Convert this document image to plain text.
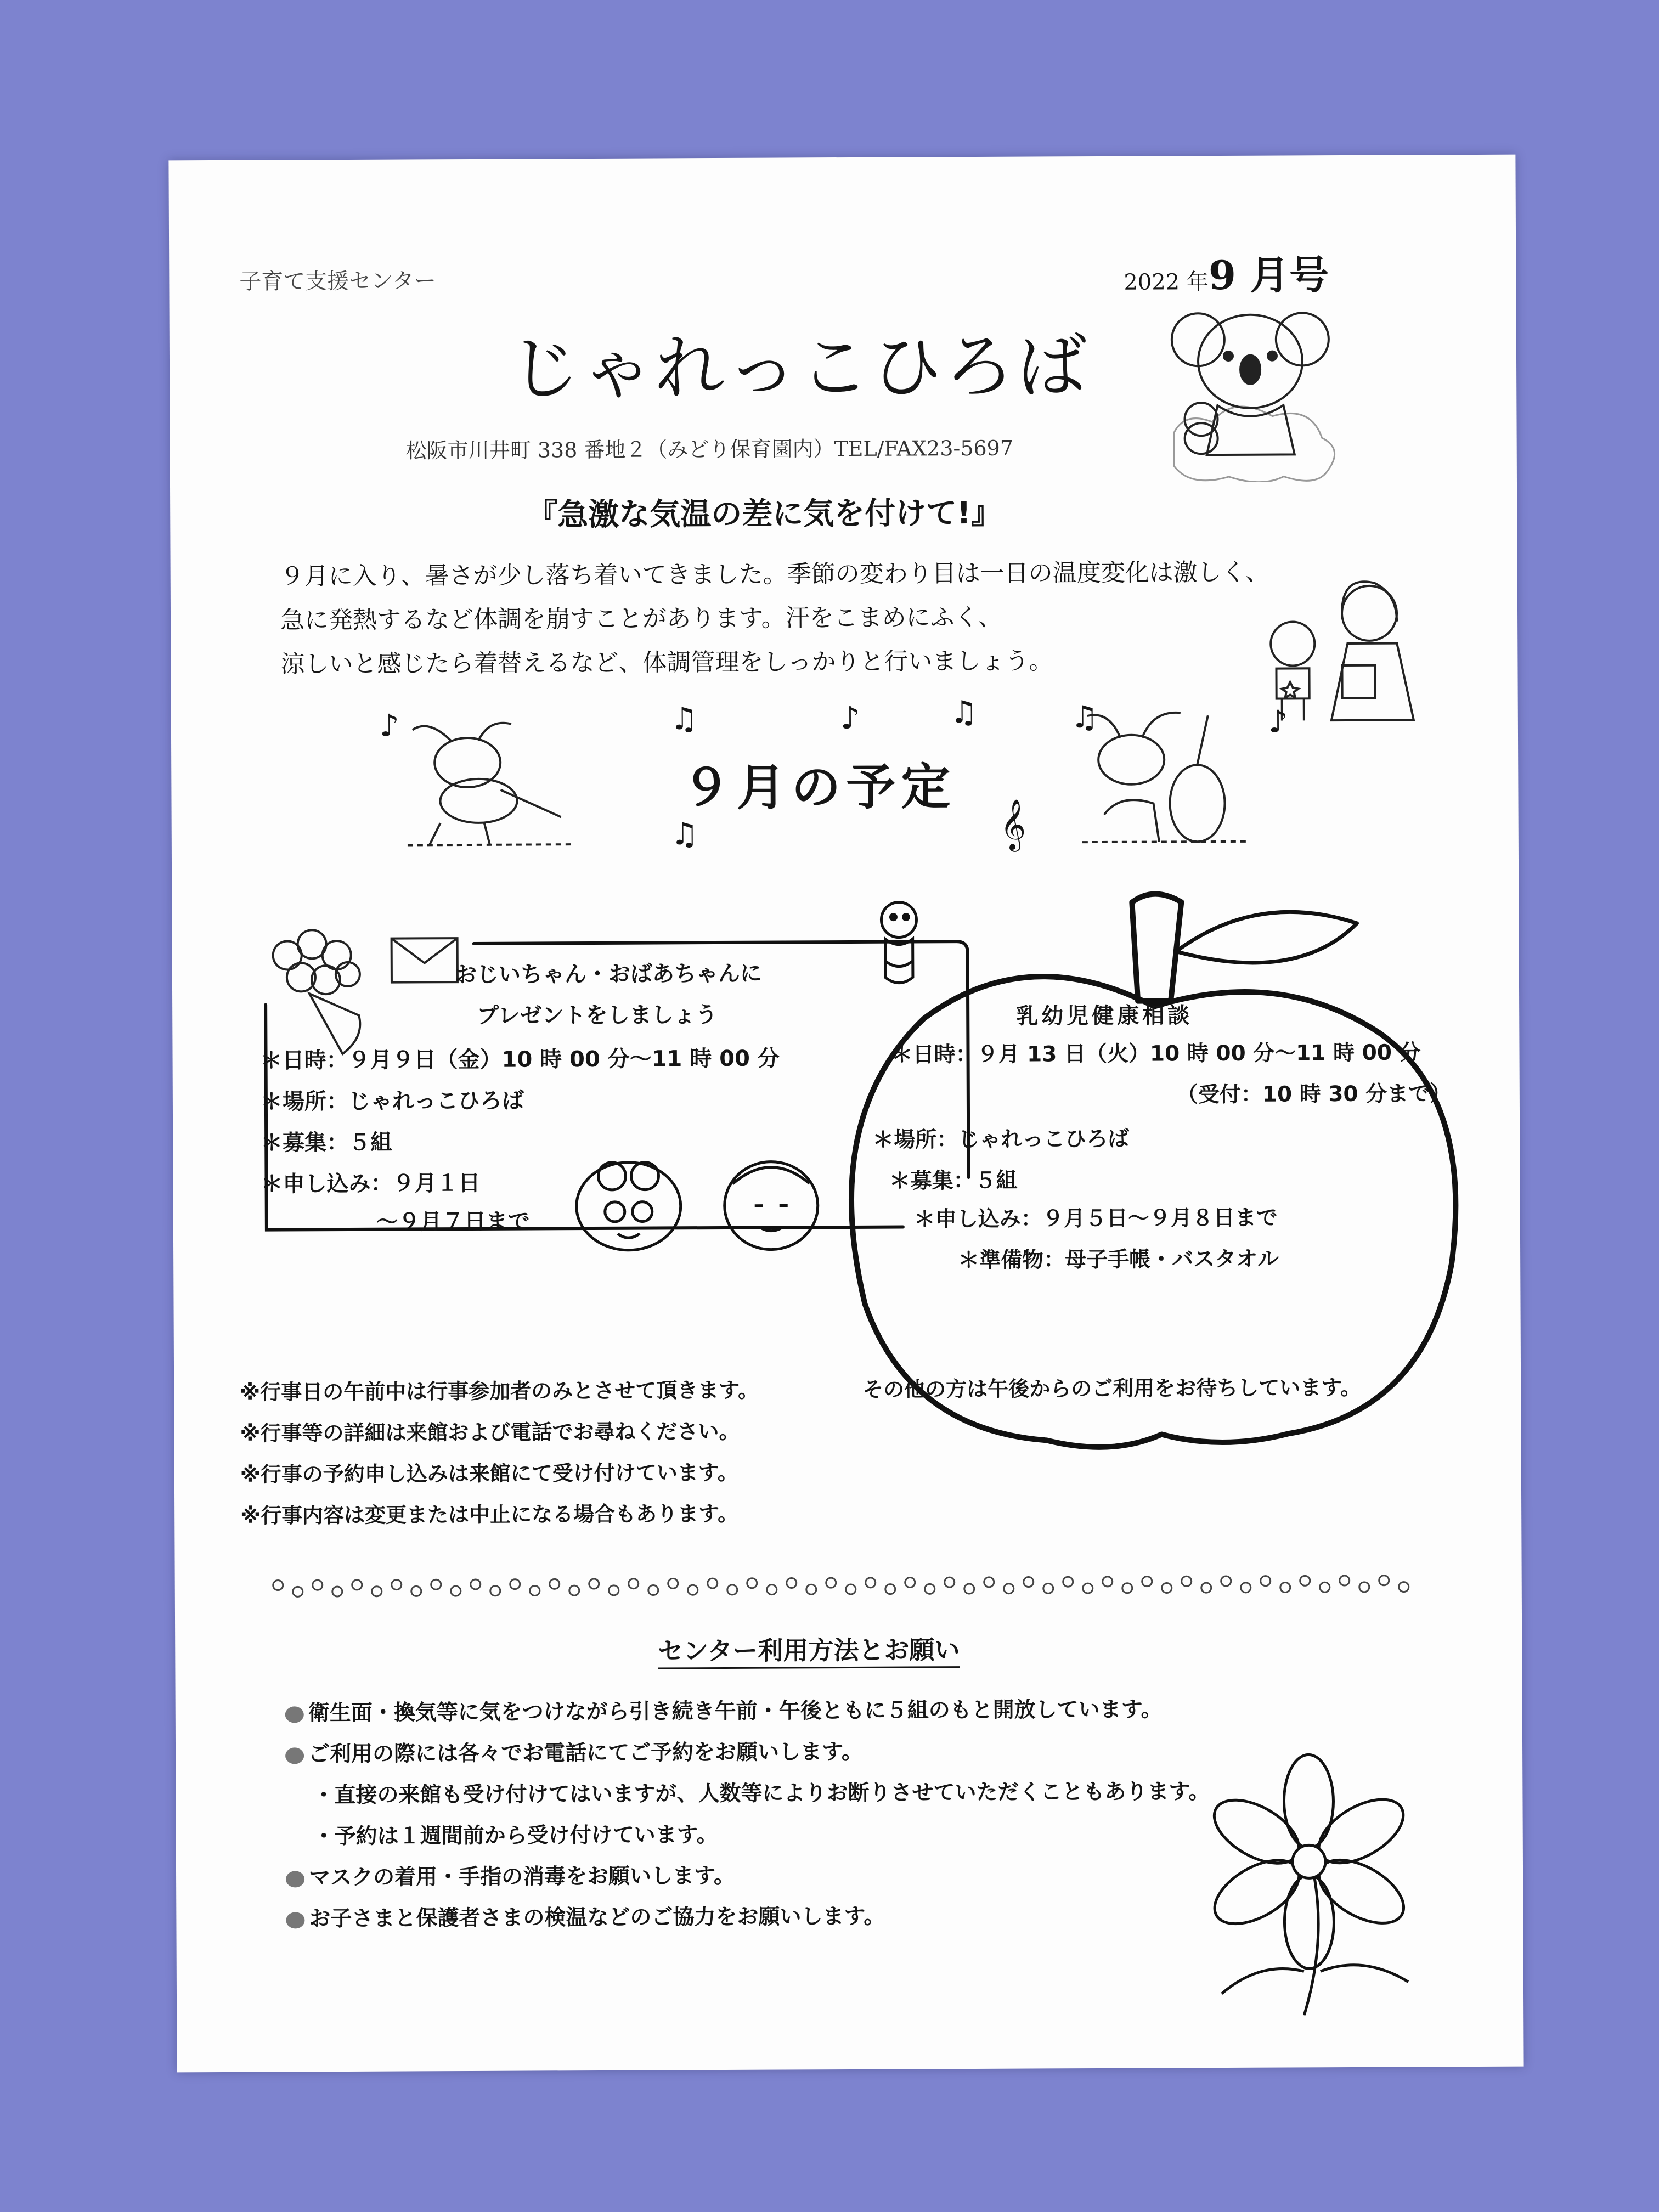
子育て支援センター	2022 年9 月号
じゃれっこひろば
松阪市川井町 338 番地２（みどり保育園内）TEL/FAX23-5697
『急激な気温の差に気を付けて!』
９月に入り、暑さが少し落ち着いてきました。季節の変わり目は一日の温度変化は激しく、
急に発熱するなど体調を崩すことがあります。汗をこまめにふく、
涼しいと感じたら着替えるなど、体調管理をしっかりと行いましょう。
♪	♫	♪	♫	♫	♪
♫	𝄞
９月の予定
おじいちゃん・おばあちゃんに
プレゼントをしましょう
＊日時：９月９日（金）10 時 00 分～11 時 00 分
＊場所：じゃれっこひろば
＊募集：５組
＊申し込み：９月１日
～９月７日まで
乳幼児健康相談
＊日時：９月 13 日（火）10 時 00 分～11 時 00 分
（受付：10 時 30 分まで）
＊場所：じゃれっこひろば
＊募集：５組
＊申し込み：９月５日～９月８日まで
＊準備物：母子手帳・バスタオル
※行事日の午前中は行事参加者のみとさせて頂きます。
※行事等の詳細は来館および電話でお尋ねください。
※行事の予約申し込みは来館にて受け付けています。
※行事内容は変更または中止になる場合もあります。
その他の方は午後からのご利用をお待ちしています。
センター利用方法とお願い
衛生面・換気等に気をつけながら引き続き午前・午後ともに５組のもと開放しています。
ご利用の際には各々でお電話にてご予約をお願いします。
・直接の来館も受け付けてはいますが、人数等によりお断りさせていただくこともあります。
・予約は１週間前から受け付けています。
マスクの着用・手指の消毒をお願いします。
お子さまと保護者さまの検温などのご協力をお願いします。
